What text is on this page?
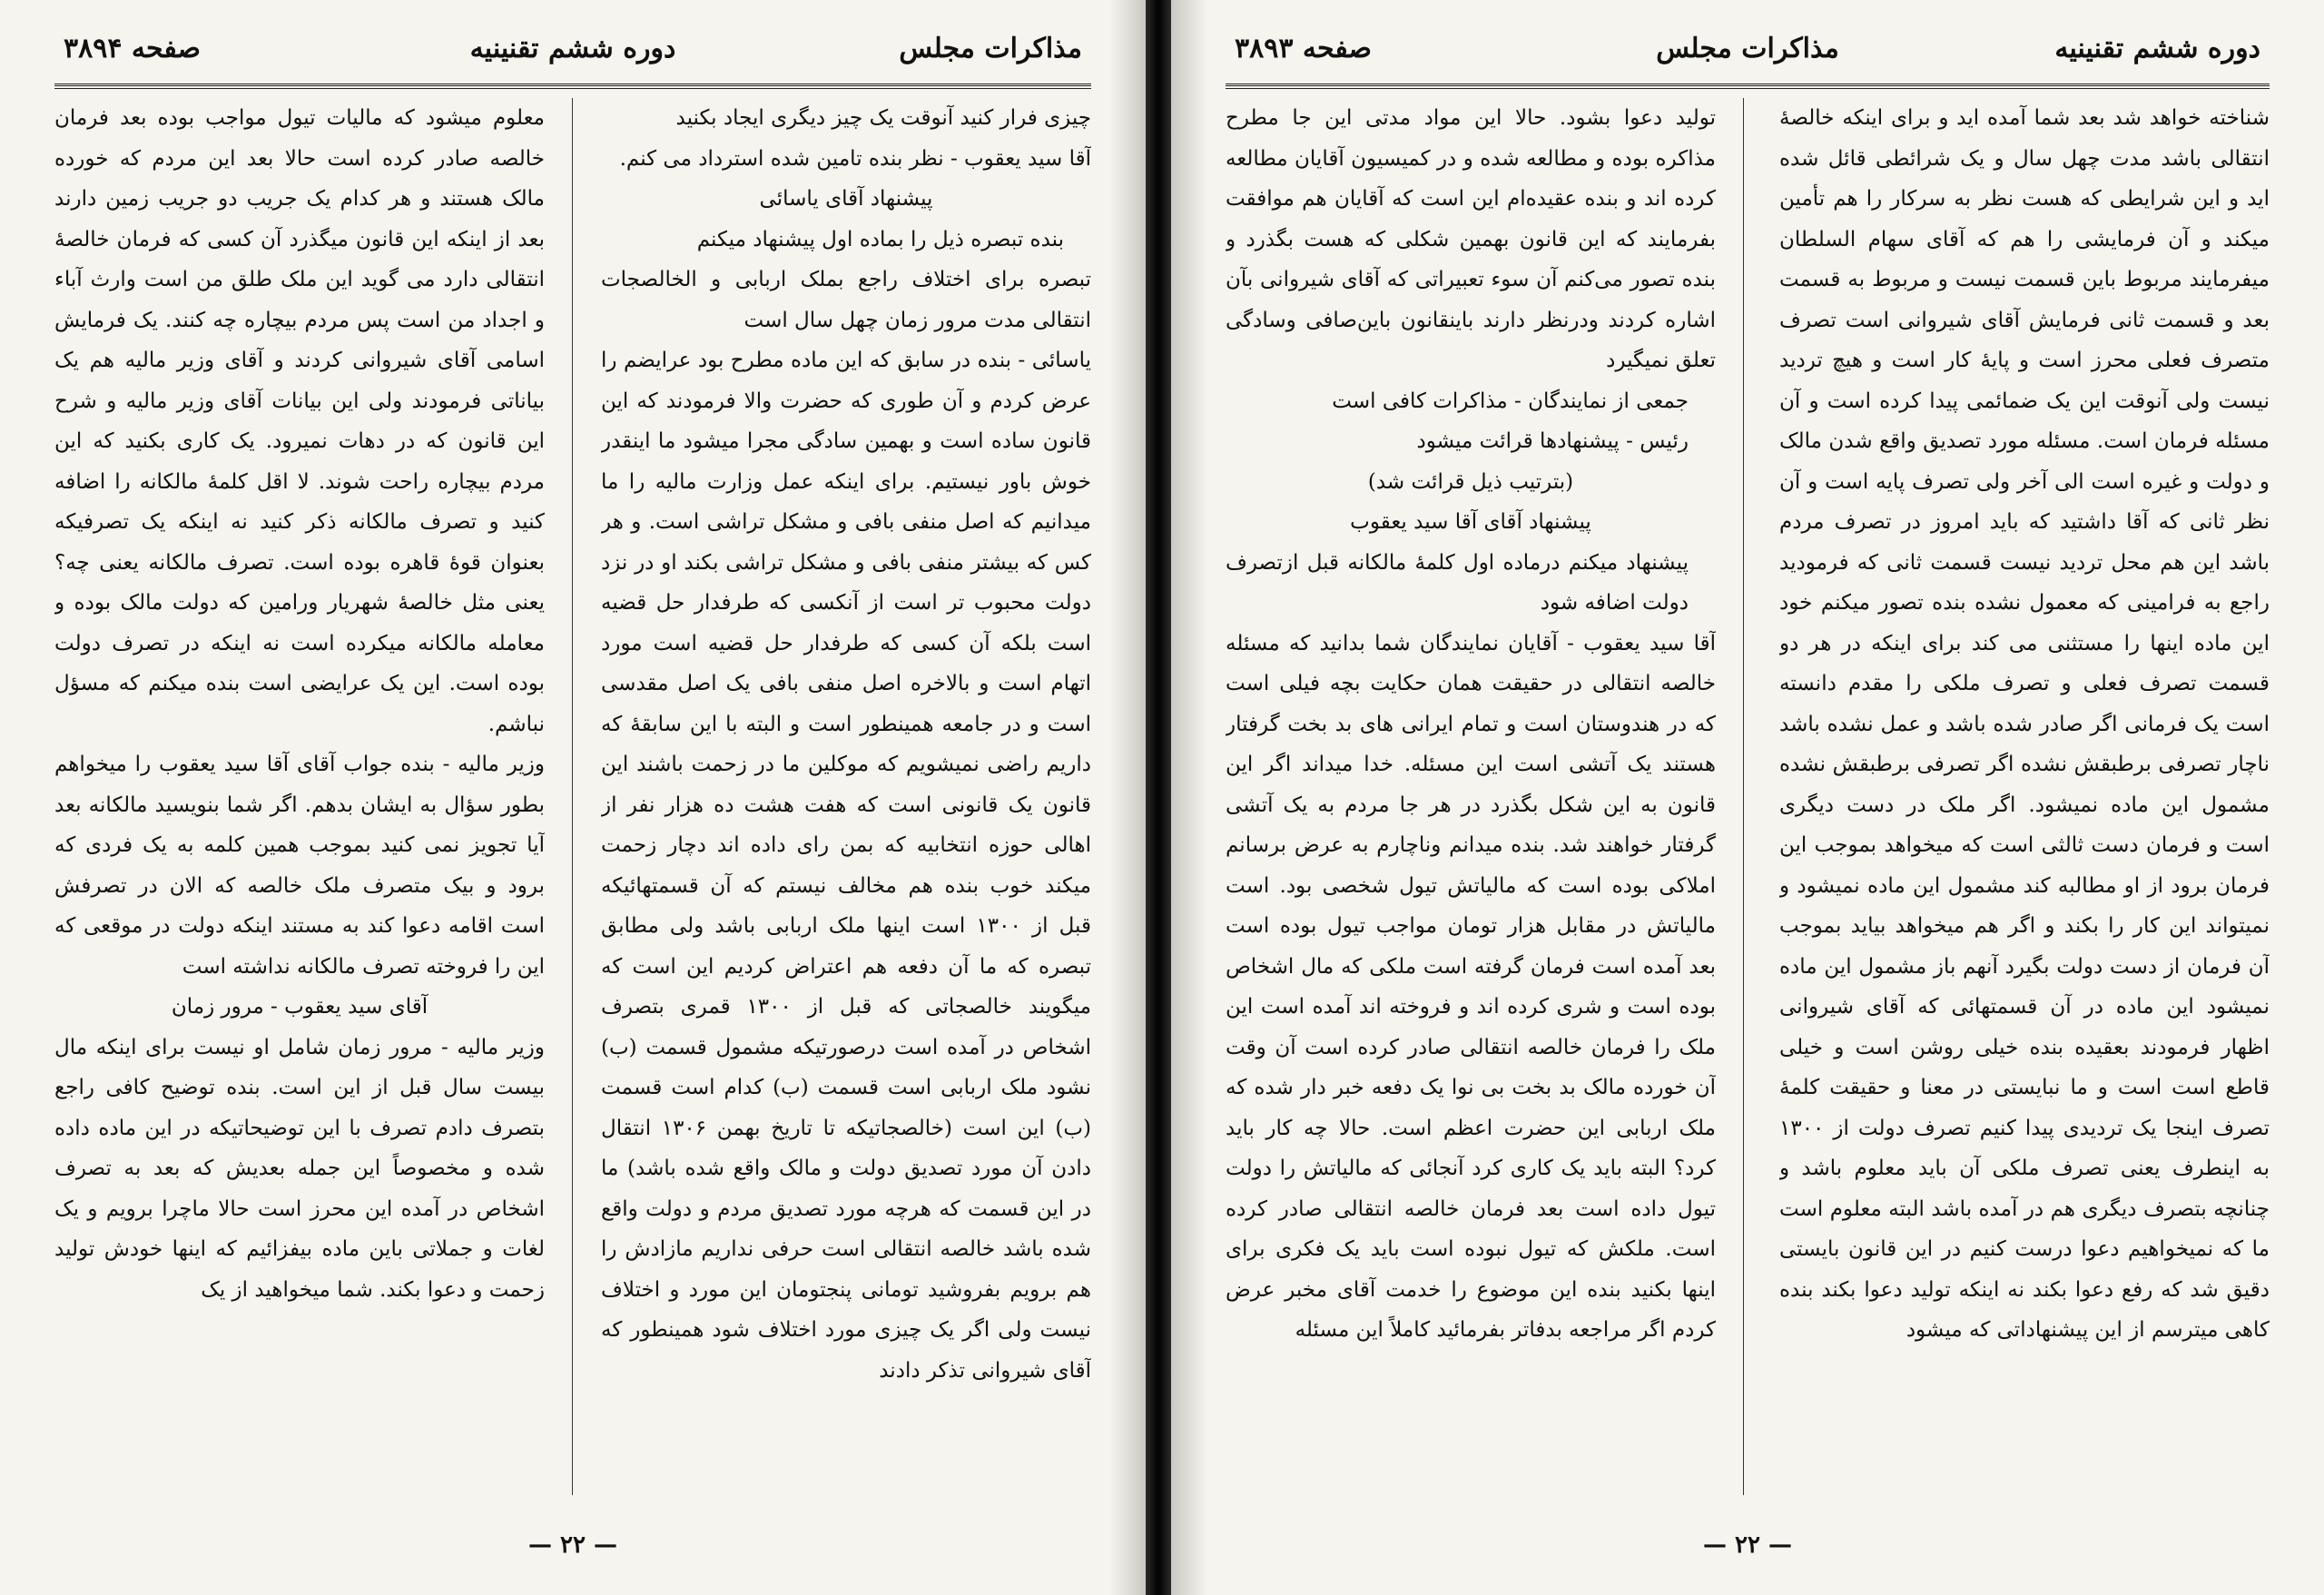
مذاکرات مجلس
دوره ششم تقنینیه
صفحه ۳۸۹۴

چیزی فرار کنید آنوقت یک چیز دیگری ایجاد بکنید

آقا سید یعقوب - نظر بنده تامین شده استرداد می کنم.

پیشنهاد آقای یاسائی

بنده تبصره ذیل را بماده اول پیشنهاد میکنم

تبصره برای اختلاف راجع بملک اربابی و الخالصجات انتقالی مدت مرور زمان چهل سال است

یاسائی - بنده در سابق که این ماده مطرح بود عرایضم را عرض کردم و آن طوری که حضرت والا فرمودند که این قانون ساده است و بهمین سادگی مجرا میشود ما اینقدر خوش باور نیستیم. برای اینکه عمل وزارت مالیه را ما میدانیم که اصل منفی بافی و مشکل تراشی است. و هر کس که بیشتر منفی بافی و مشکل تراشی بکند او در نزد دولت محبوب تر است از آنکسی که طرفدار حل قضیه است بلکه آن کسی که طرفدار حل قضیه است مورد اتهام است و بالاخره اصل منفی بافی یک اصل مقدسی است و در جامعه همینطور است و البته با این سابقهٔ که داریم راضی نمیشویم که موکلین ما در زحمت باشند این قانون یک قانونی است که هفت هشت ده هزار نفر از اهالی حوزه انتخابیه که بمن رای داده اند دچار زحمت میکند خوب بنده هم مخالف نیستم که آن قسمتهائیکه قبل از ۱۳۰۰ است اینها ملک اربابی باشد ولی مطابق تبصره که ما آن دفعه هم اعتراض کردیم این است که میگویند خالصجاتی که قبل از ۱۳۰۰ قمری بتصرف اشخاص در آمده است درصورتیکه مشمول قسمت (ب) نشود ملک اربابی است قسمت (ب) کدام است قسمت (ب) این است (خالصجاتیکه تا تاریخ بهمن ۱۳۰۶ انتقال دادن آن مورد تصدیق دولت و مالک واقع شده باشد) ما در این قسمت که هرچه مورد تصدیق مردم و دولت واقع شده باشد خالصه انتقالی است حرفی نداریم مازادش را هم برویم بفروشید تومانی پنجتومان این مورد و اختلاف نیست ولی اگر یک چیزی مورد اختلاف شود همینطور که آقای شیروانی تذکر دادند

معلوم میشود که مالیات تیول مواجب بوده بعد فرمان خالصه صادر کرده است حالا بعد این مردم که خورده مالک هستند و هر کدام یک جریب دو جریب زمین دارند بعد از اینکه این قانون میگذرد آن کسی که فرمان خالصهٔ انتقالی دارد می گوید این ملک طلق من است وارث آباء و اجداد من است پس مردم بیچاره چه کنند. یک فرمایش اسامی آقای شیروانی کردند و آقای وزیر مالیه هم یک بیاناتی فرمودند ولی این بیانات آقای وزیر مالیه و شرح این قانون که در دهات نمیرود. یک کاری بکنید که این مردم بیچاره راحت شوند. لا اقل کلمهٔ مالکانه را اضافه کنید و تصرف مالکانه ذکر کنید نه اینکه یک تصرفیکه بعنوان قوهٔ قاهره بوده است. تصرف مالکانه یعنی چه؟ یعنی مثل خالصهٔ شهریار ورامین که دولت مالک بوده و معامله مالکانه میکرده است نه اینکه در تصرف دولت بوده است. این یک عرایضی است بنده میکنم که مسؤل نباشم.

وزیر مالیه - بنده جواب آقای آقا سید یعقوب را میخواهم بطور سؤال به ایشان بدهم. اگر شما بنویسید مالکانه بعد آیا تجویز نمی کنید بموجب همین کلمه به یک فردی که برود و بیک متصرف ملک خالصه که الان در تصرفش است اقامه دعوا کند به مستند اینکه دولت در موقعی که این را فروخته تصرف مالکانه نداشته است

آقای سید یعقوب - مرور زمان

وزیر مالیه - مرور زمان شامل او نیست برای اینکه مال بیست سال قبل از این است. بنده توضیح کافی راجع بتصرف دادم تصرف با این توضیحاتیکه در این ماده داده شده و مخصوصاً این جمله بعدیش که بعد به تصرف اشخاص در آمده این محرز است حالا ماچرا برویم و یک لغات و جملاتی باین ماده بیفزائیم که اینها خودش تولید زحمت و دعوا بکند. شما میخواهید از یک

— ۲۲ —
دوره ششم تقنینیه
مذاکرات مجلس
صفحه ۳۸۹۳

شناخته خواهد شد بعد شما آمده اید و برای اینکه خالصهٔ انتقالی باشد مدت چهل سال و یک شرائطی قائل شده اید و این شرایطی که هست نظر به سرکار را هم تأمین میکند و آن فرمایشی را هم که آقای سهام السلطان میفرمایند مربوط باین قسمت نیست و مربوط به قسمت بعد و قسمت ثانی فرمایش آقای شیروانی است تصرف متصرف فعلی محرز است و پایهٔ کار است و هیچ تردید نیست ولی آنوقت این یک ضمائمی پیدا کرده است و آن مسئله فرمان است. مسئله مورد تصدیق واقع شدن مالک و دولت و غیره است الی آخر ولی تصرف پایه است و آن نظر ثانی که آقا داشتید که باید امروز در تصرف مردم باشد این هم محل تردید نیست قسمت ثانی که فرمودید راجع به فرامینی که معمول نشده بنده تصور میکنم خود این ماده اینها را مستثنی می کند برای اینکه در هر دو قسمت تصرف فعلی و تصرف ملکی را مقدم دانسته است یک فرمانی اگر صادر شده باشد و عمل نشده باشد ناچار تصرفی برطبقش نشده اگر تصرفی برطبقش نشده مشمول این ماده نمیشود. اگر ملک در دست دیگری است و فرمان دست ثالثی است که میخواهد بموجب این فرمان برود از او مطالبه کند مشمول این ماده نمیشود و نمیتواند این کار را بکند و اگر هم میخواهد بیاید بموجب آن فرمان از دست دولت بگیرد آنهم باز مشمول این ماده نمیشود این ماده در آن قسمتهائی که آقای شیروانی اظهار فرمودند بعقیده بنده خیلی روشن است و خیلی قاطع است است و ما نبایستی در معنا و حقیقت کلمهٔ تصرف اینجا یک تردیدی پیدا کنیم تصرف دولت از ۱۳۰۰ به اینطرف یعنی تصرف ملکی آن باید معلوم باشد و چنانچه بتصرف دیگری هم در آمده باشد البته معلوم است ما که نمیخواهیم دعوا درست کنیم در این قانون بایستی دقیق شد که رفع دعوا بکند نه اینکه تولید دعوا بکند بنده کاهی میترسم از این پیشنهاداتی که میشود

تولید دعوا بشود. حالا این مواد مدتی این جا مطرح مذاکره بوده و مطالعه شده و در کمیسیون آقایان مطالعه کرده اند و بنده عقیده‌ام این است که آقایان هم موافقت بفرمایند که این قانون بهمین شکلی که هست بگذرد و بنده تصور می‌کنم آن سوء تعبیراتی که آقای شیروانی بآن اشاره کردند ودرنظر دارند باینقانون باین‌صافی وسادگی تعلق نمیگیرد

جمعی از نمایندگان - مذاکرات کافی است

رئیس - پیشنهادها قرائت میشود

(بترتیب ذیل قرائت شد)

پیشنهاد آقای آقا سید یعقوب

پیشنهاد میکنم درماده اول کلمهٔ مالکانه قبل ازتصرف دولت اضافه شود

آقا سید یعقوب - آقایان نمایندگان شما بدانید که مسئله خالصه انتقالی در حقیقت همان حکایت بچه فیلی است که در هندوستان است و تمام ایرانی های بد بخت گرفتار هستند یک آتشی است این مسئله. خدا میداند اگر این قانون به این شکل بگذرد در هر جا مردم به یک آتشی گرفتار خواهند شد. بنده میدانم وناچارم به عرض برسانم املاکی بوده است که مالیاتش تیول شخصی بود. است مالیاتش در مقابل هزار تومان مواجب تیول بوده است بعد آمده است فرمان گرفته است ملکی که مال اشخاص بوده است و شری کرده اند و فروخته اند آمده است این ملک را فرمان خالصه انتقالی صادر کرده است آن وقت آن خورده مالک بد بخت بی نوا یک دفعه خبر دار شده که ملک اربابی این حضرت اعظم است. حالا چه کار باید کرد؟ البته باید یک کاری کرد آنجائی که مالیاتش را دولت تیول داده است بعد فرمان خالصه انتقالی صادر کرده است. ملکش که تیول نبوده است باید یک فکری برای اینها بکنید بنده این موضوع را خدمت آقای مخبر عرض کردم اگر مراجعه بدفاتر بفرمائید کاملاً این مسئله

— ۲۲ —
